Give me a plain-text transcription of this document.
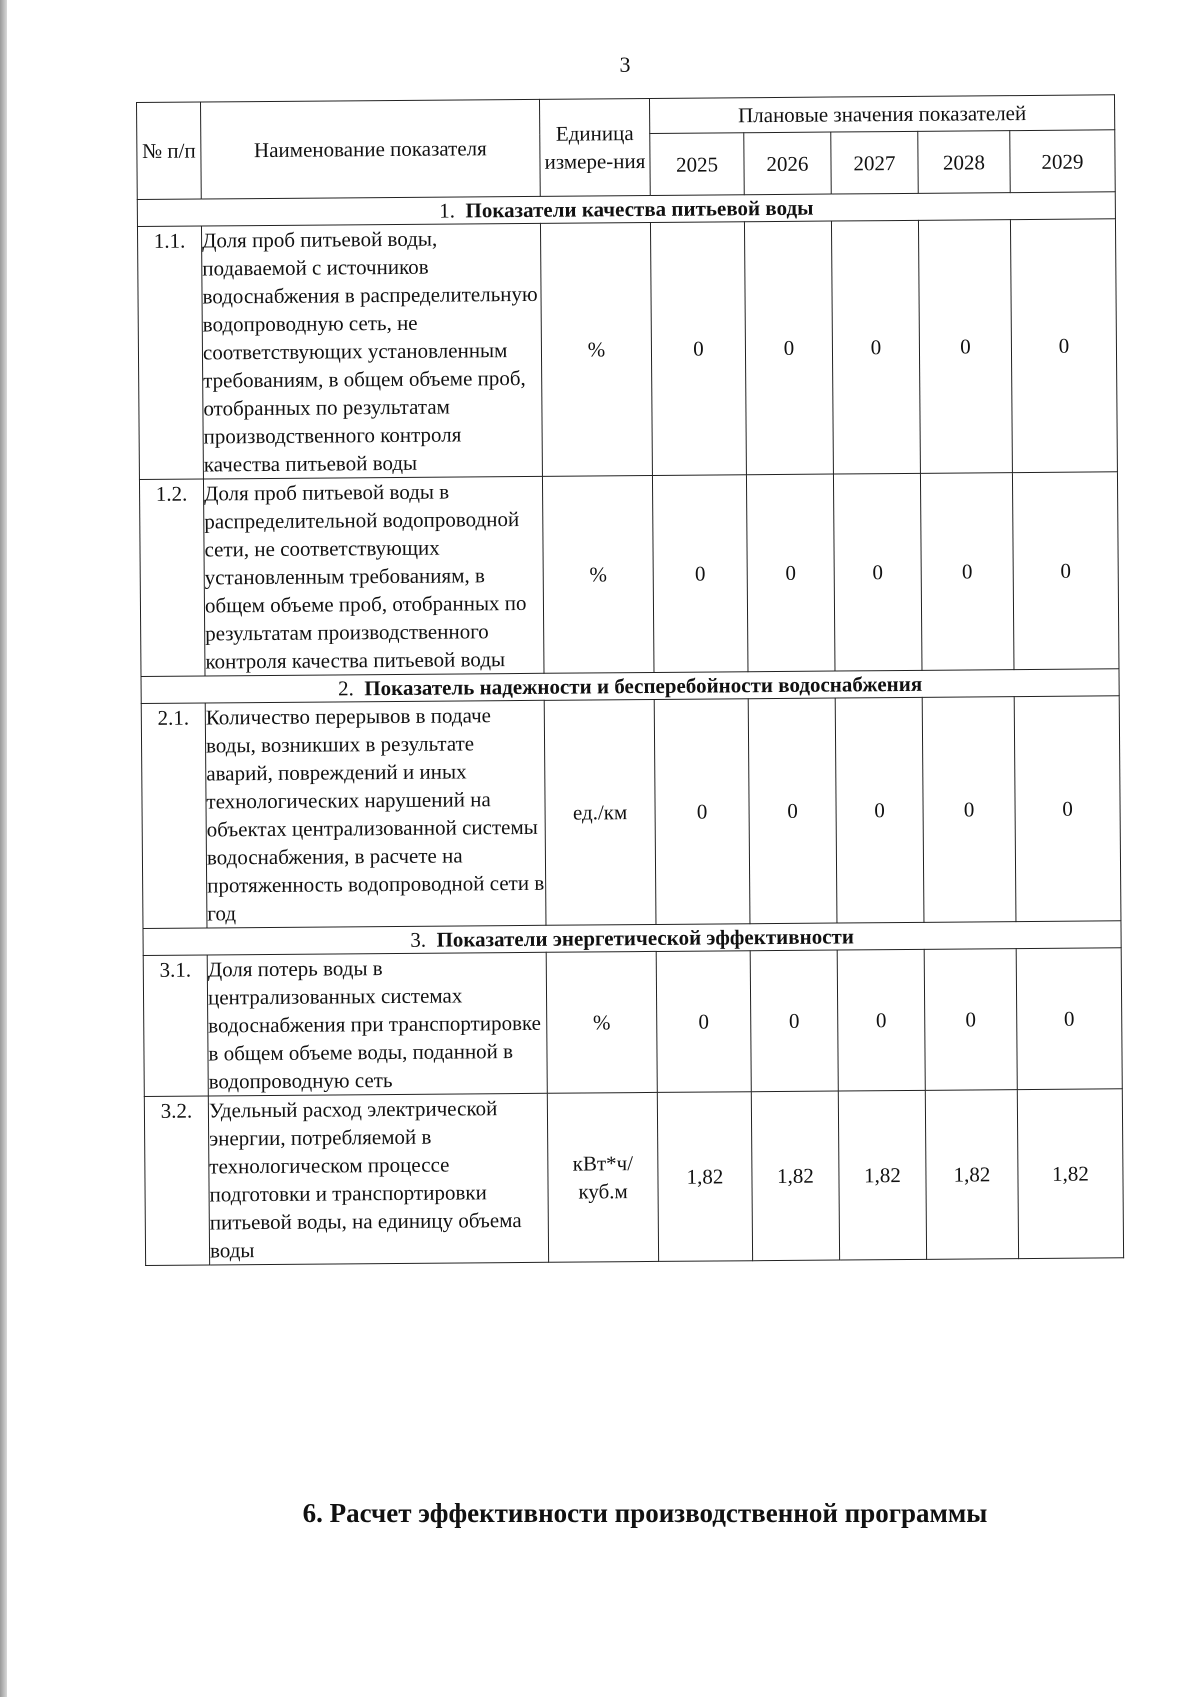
3
№ п/п	Наименование показателя	Единица измере-ния	Плановые значения показателей				
			2025	2026	2027	2028	2029
1. Показатели качества питьевой воды							
1.1.	Доля проб питьевой воды, подаваемой с источников водоснабжения в распределительную водопроводную сеть, не соответствующих установленным требованиям, в общем объеме проб, отобранных по результатам производственного контроля качества питьевой воды	%	0	0	0	0	0
1.2.	Доля проб питьевой воды в распределительной водопроводной сети, не соответствующих установленным требованиям, в общем объеме проб, отобранных по результатам производственного контроля качества питьевой воды	%	0	0	0	0	0
2. Показатель надежности и бесперебойности водоснабжения							
2.1.	Количество перерывов в подаче воды, возникших в результате аварий, повреждений и иных технологических нарушений на объектах централизованной системы водоснабжения, в расчете на протяженность водопроводной сети в год	ед./км	0	0	0	0	0
3. Показатели энергетической эффективности							
3.1.	Доля потерь воды в централизованных системах водоснабжения при транспортировке в общем объеме воды, поданной в водопроводную сеть	%	0	0	0	0	0
3.2.	Удельный расход электрической энергии, потребляемой в технологическом процессе подготовки и транспортировки питьевой воды, на единицу объема воды	кВт*ч/ куб.м	1,82	1,82	1,82	1,82	1,82
6. Расчет эффективности производственной программы
